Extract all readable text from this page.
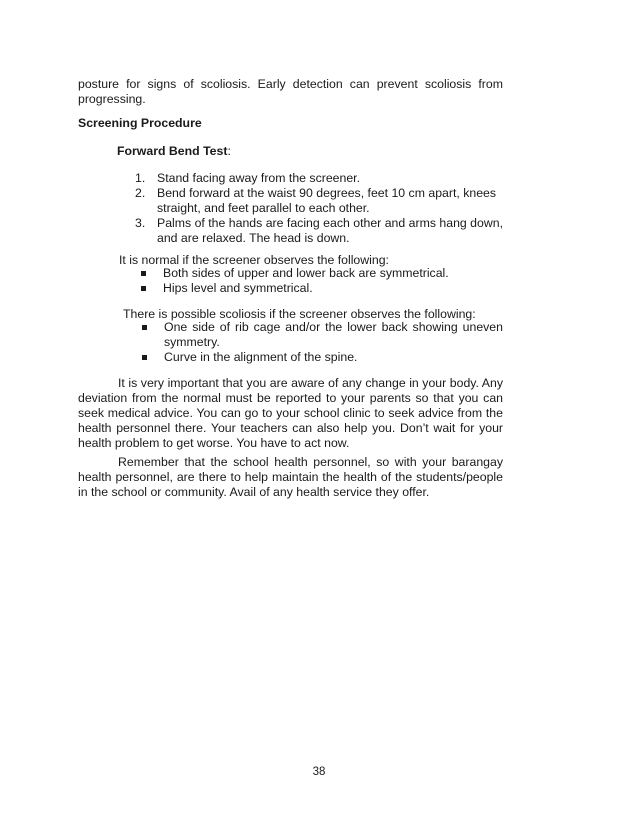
posture for signs of scoliosis. Early detection can prevent scoliosis from progressing.

Screening Procedure

Forward Bend Test:

1. Stand facing away from the screener.
2. Bend forward at the waist 90 degrees, feet 10 cm apart, knees straight, and feet parallel to each other.
3. Palms of the hands are facing each other and arms hang down, and are relaxed. The head is down.

It is normal if the screener observes the following:

Both sides of upper and lower back are symmetrical.
Hips level and symmetrical.

There is possible scoliosis if the screener observes the following:

One side of rib cage and/or the lower back showing uneven symmetry.
Curve in the alignment of the spine.

It is very important that you are aware of any change in your body. Any deviation from the normal must be reported to your parents so that you can seek medical advice. You can go to your school clinic to seek advice from the health personnel there. Your teachers can also help you. Don’t wait for your health problem to get worse. You have to act now.

Remember that the school health personnel, so with your barangay health personnel, are there to help maintain the health of the students/people in the school or community. Avail of any health service they offer.

38
